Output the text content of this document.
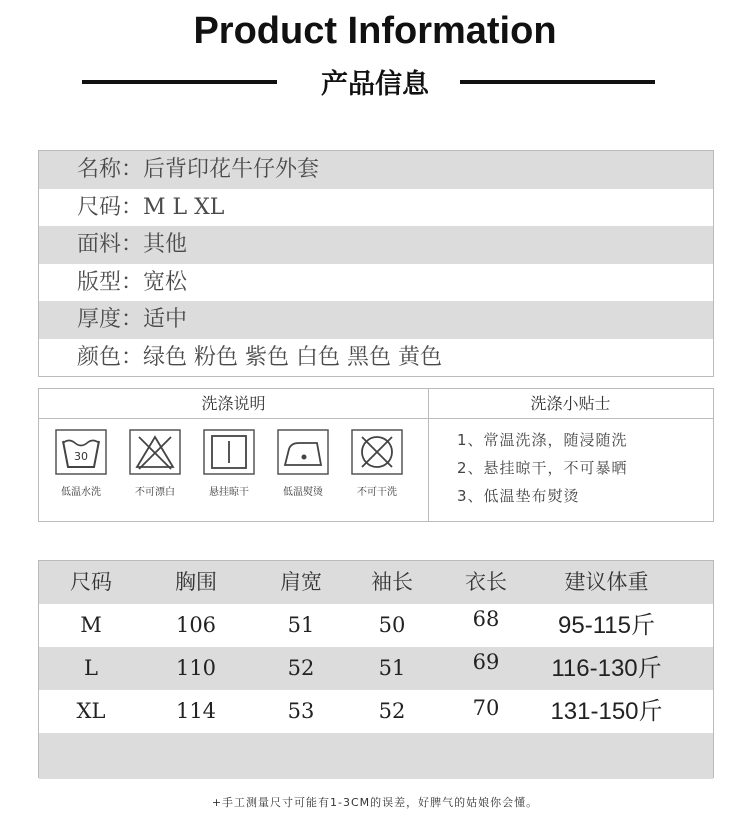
Product Information
产品信息
名称：后背印花牛仔外套
尺码：M L XL
面料：其他
版型：宽松
厚度：适中
颜色：绿色 粉色 紫色 白色 黑色 黄色
洗涤说明	洗涤小贴士
30
低温水洗	不可漂白	悬挂晾干	低温熨烫	不可干洗
1、常温洗涤，随浸随洗
2、悬挂晾干，不可暴晒
3、低温垫布熨烫
尺码	胸围	肩宽	袖长	衣长	建议体重
M	106	51	50	68	95-115斤
L	110	52	51	69	116-130斤
XL	114	53	52	70	131-150斤
+手工测量尺寸可能有1-3CM的误差，好脾气的姑娘你会懂。
